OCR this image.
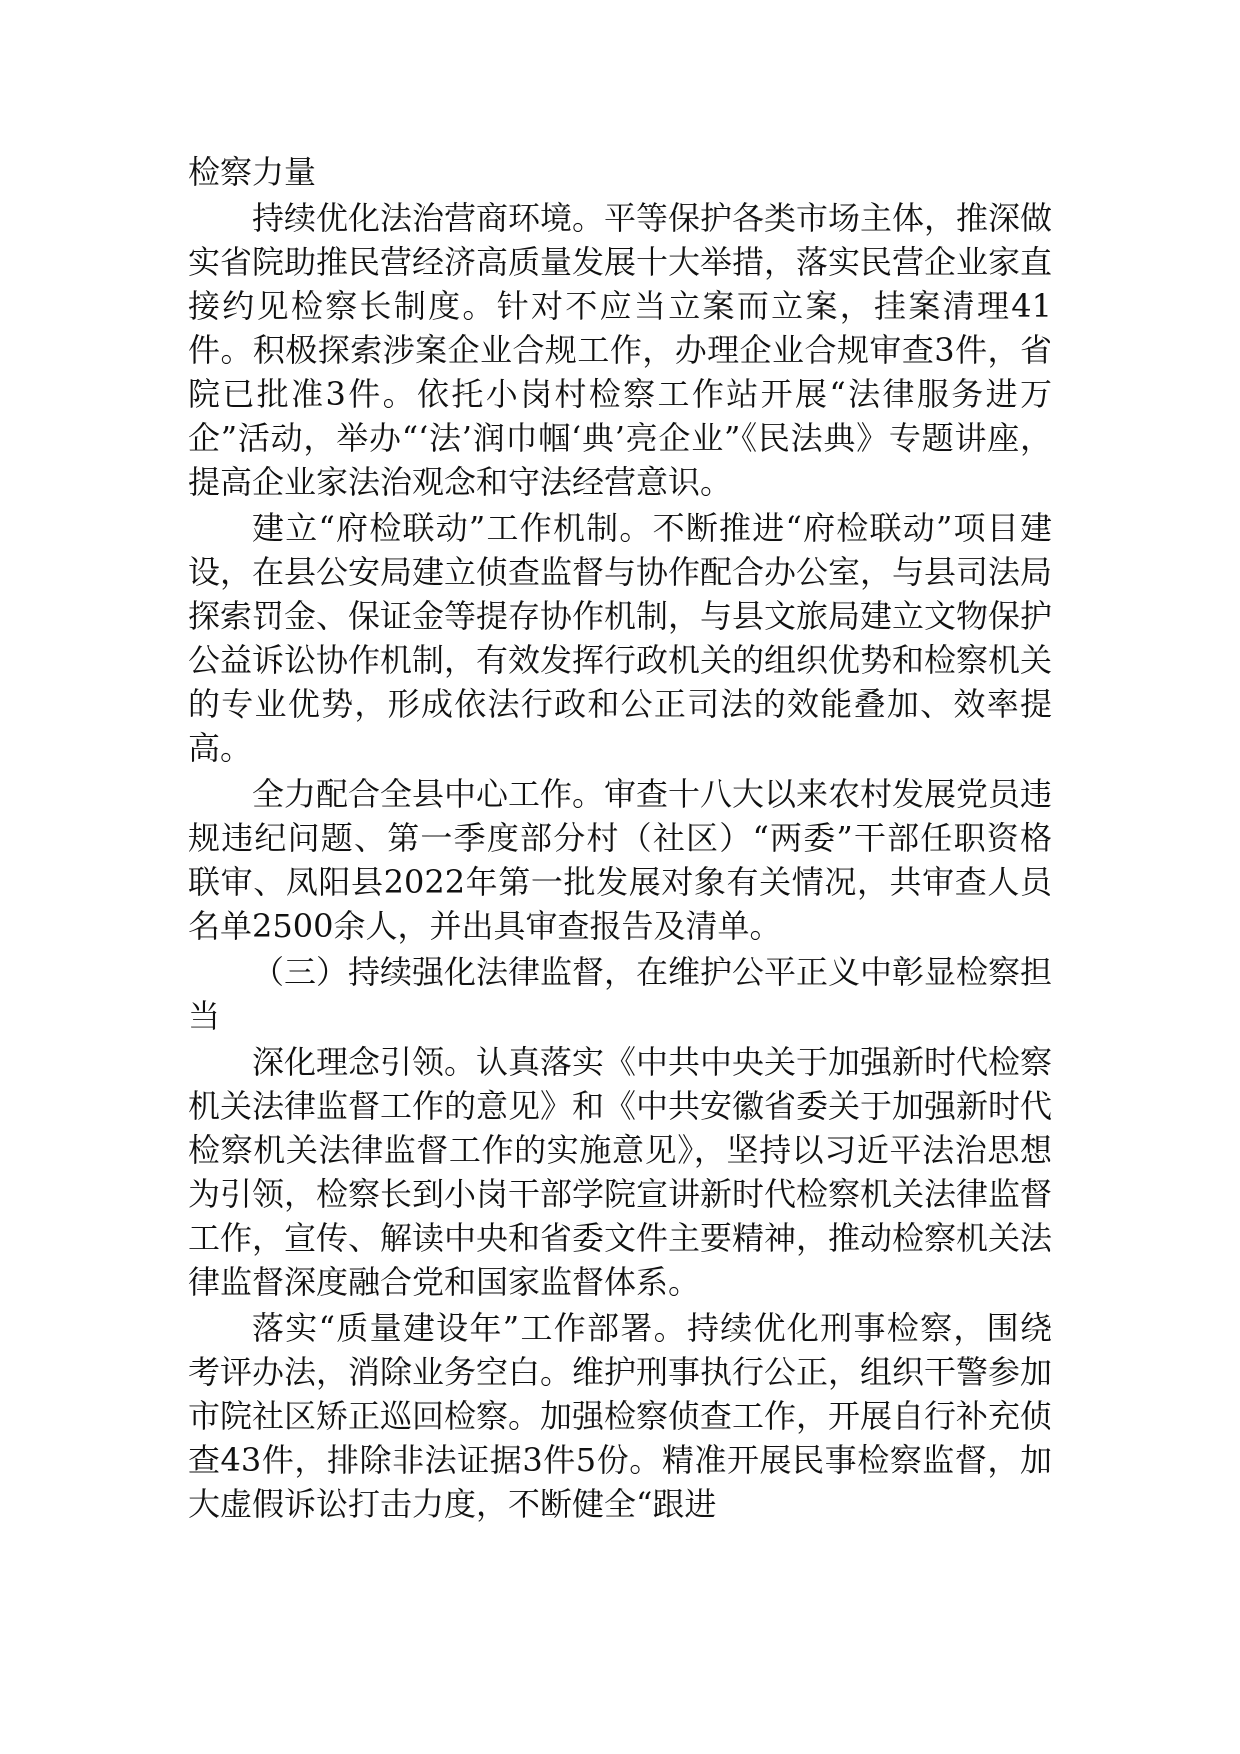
检察力量

持续优化法治营商环境。平等保护各类市场主体，推深做实省院助推民营经济高质量发展十大举措，落实民营企业家直接约见检察长制度。针对不应当立案而立案，挂案清理41件。积极探索涉案企业合规工作，办理企业合规审查3件，省院已批准3件。依托小岗村检察工作站开展“法律服务进万企”活动，举办“‘法’润巾帼‘典’亮企业”《民法典》专题讲座，提高企业家法治观念和守法经营意识。

建立“府检联动”工作机制。不断推进“府检联动”项目建设，在县公安局建立侦查监督与协作配合办公室，与县司法局探索罚金、保证金等提存协作机制，与县文旅局建立文物保护公益诉讼协作机制，有效发挥行政机关的组织优势和检察机关的专业优势，形成依法行政和公正司法的效能叠加、效率提高。

全力配合全县中心工作。审查十八大以来农村发展党员违规违纪问题、第一季度部分村（社区）“两委”干部任职资格联审、凤阳县2022年第一批发展对象有关情况，共审查人员名单2500余人，并出具审查报告及清单。

（三）持续强化法律监督，在维护公平正义中彰显检察担当

深化理念引领。认真落实《中共中央关于加强新时代检察机关法律监督工作的意见》和《中共安徽省委关于加强新时代检察机关法律监督工作的实施意见》，坚持以习近平法治思想为引领，检察长到小岗干部学院宣讲新时代检察机关法律监督工作，宣传、解读中央和省委文件主要精神，推动检察机关法律监督深度融合党和国家监督体系。

落实“质量建设年”工作部署。持续优化刑事检察，围绕考评办法，消除业务空白。维护刑事执行公正，组织干警参加市院社区矫正巡回检察。加强检察侦查工作，开展自行补充侦查43件，排除非法证据3件5份。精准开展民事检察监督，加大虚假诉讼打击力度，不断健全“跟进
